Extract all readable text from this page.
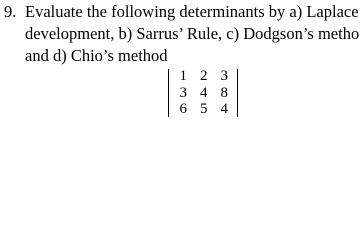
9. Evaluate the following determinants by a) Laplace
development, b) Sarrus’ Rule, c) Dodgson’s metho
and d) Chio’s method
1 2 3
3 4 8
6 5 4
